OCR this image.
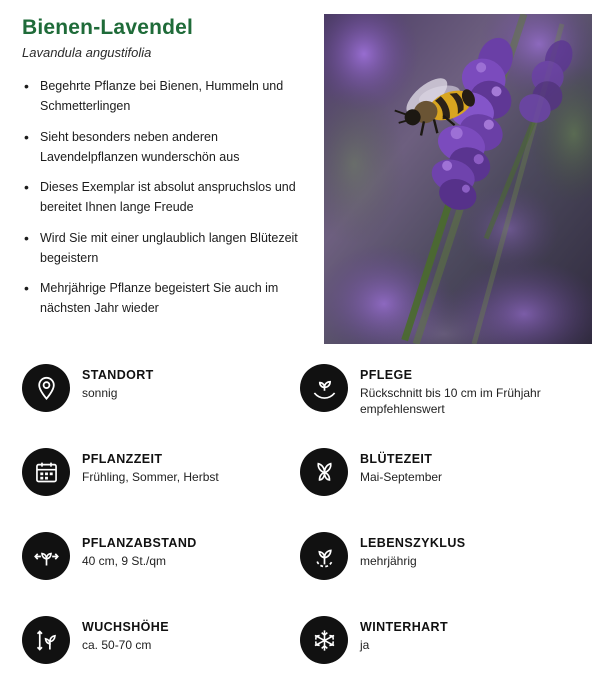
Bienen-Lavendel
Lavandula angustifolia
• Begehrte Pflanze bei Bienen, Hummeln und Schmetterlingen
• Sieht besonders neben anderen Lavendelpflanzen wunderschön aus
• Dieses Exemplar ist absolut anspruchslos und bereitet Ihnen lange Freude
• Wird Sie mit einer unglaublich langen Blütezeit begeistern
• Mehrjährige Pflanze begeistert Sie auch im nächsten Jahr wieder
STANDORT
sonnig
PFLEGE
Rückschnitt bis 10 cm im Frühjahr empfehlenswert
PFLANZZEIT
Frühling, Sommer, Herbst
BLÜTEZEIT
Mai-September
PFLANZABSTAND
40 cm, 9 St./qm
LEBENSZYKLUS
mehrjährig
WUCHSHÖHE
ca. 50-70 cm
WINTERHART
ja
